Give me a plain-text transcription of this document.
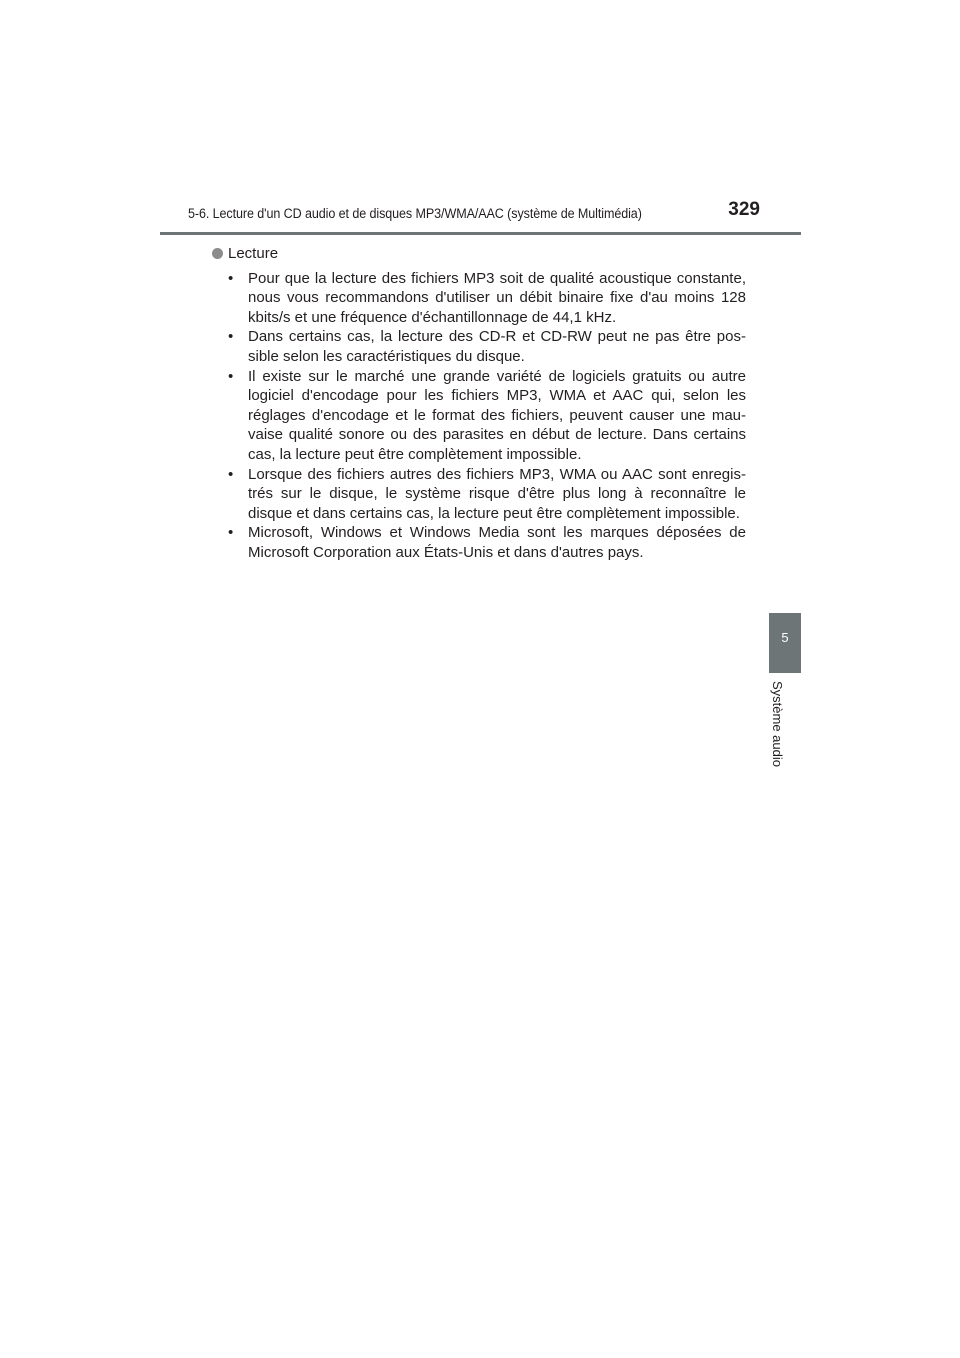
5-6. Lecture d'un CD audio et de disques MP3/WMA/AAC (système de Multimédia)	329
5
Système audio
Lecture
• Pour que la lecture des fichiers MP3 soit de qualité acoustique constante, nous vous recommandons d'utiliser un débit binaire fixe d'au moins 128 kbits/s et une fréquence d'échantillonnage de 44,1 kHz.
• Dans certains cas, la lecture des CD-R et CD-RW peut ne pas être possible selon les caractéristiques du disque.
• Il existe sur le marché une grande variété de logiciels gratuits ou autre logiciel d'encodage pour les fichiers MP3, WMA et AAC qui, selon les réglages d'encodage et le format des fichiers, peuvent causer une mauvaise qualité sonore ou des parasites en début de lecture. Dans certains cas, la lecture peut être complètement impossible.
• Lorsque des fichiers autres des fichiers MP3, WMA ou AAC sont enregistrés sur le disque, le système risque d'être plus long à reconnaître le disque et dans certains cas, la lecture peut être complètement impossible.
• Microsoft, Windows et Windows Media sont les marques déposées de Microsoft Corporation aux États-Unis et dans d'autres pays.
